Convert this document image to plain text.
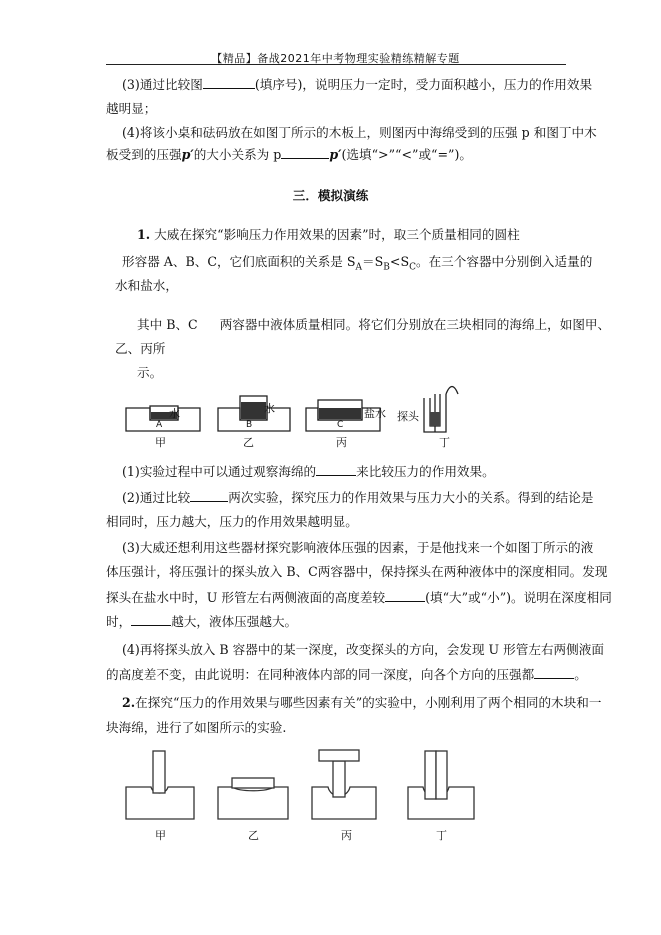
【精品】备战2021年中考物理实验精练精解专题
(3)通过比较图	(填序号)，说明压力一定时，受力面积越小，压力的作用效果
越明显；
(4)将该小桌和砝码放在如图丁所示的木板上，则图丙中海绵受到的压强 p 和图丁中木
板受到的压强p′的大小关系为 p	p′(选填“>”“<”或“=”)。
三．模拟演练
1. 大威在探究“影响压力作用效果的因素”时，取三个质量相同的圆柱
形容器 A、B、C，它们底面积的关系是 $S_A=S_B<S_C$。在三个容器中分别倒入适量的
水和盐水，
其中 B、C 两容器中液体质量相同。将它们分别放在三块相同的海绵上，如图甲、
乙、丙所
示。
水	水	盐水 探头
A	B	C
甲	乙	丙	丁
(1)实验过程中可以通过观察海绵的	来比较压力的作用效果。
(2)通过比较	两次实验，探究压力的作用效果与压力大小的关系。得到的结论是
相同时，压力越大，压力的作用效果越明显。
(3)大威还想利用这些器材探究影响液体压强的因素，于是他找来一个如图丁所示的液
体压强计，将压强计的探头放入 B、C两容器中，保持探头在两种液体中的深度相同。发现
探头在盐水中时，U 形管左右两侧液面的高度差较	(填“大”或“小”)。说明在深度相同
时，	越大，液体压强越大。
(4)再将探头放入 B 容器中的某一深度，改变探头的方向，会发现 U 形管左右两侧液面
的高度差不变，由此说明：在同种液体内部的同一深度，向各个方向的压强都	。
2.在探究“压力的作用效果与哪些因素有关”的实验中，小刚利用了两个相同的木块和一
块海绵，进行了如图所示的实验.
甲	乙	丙	丁
